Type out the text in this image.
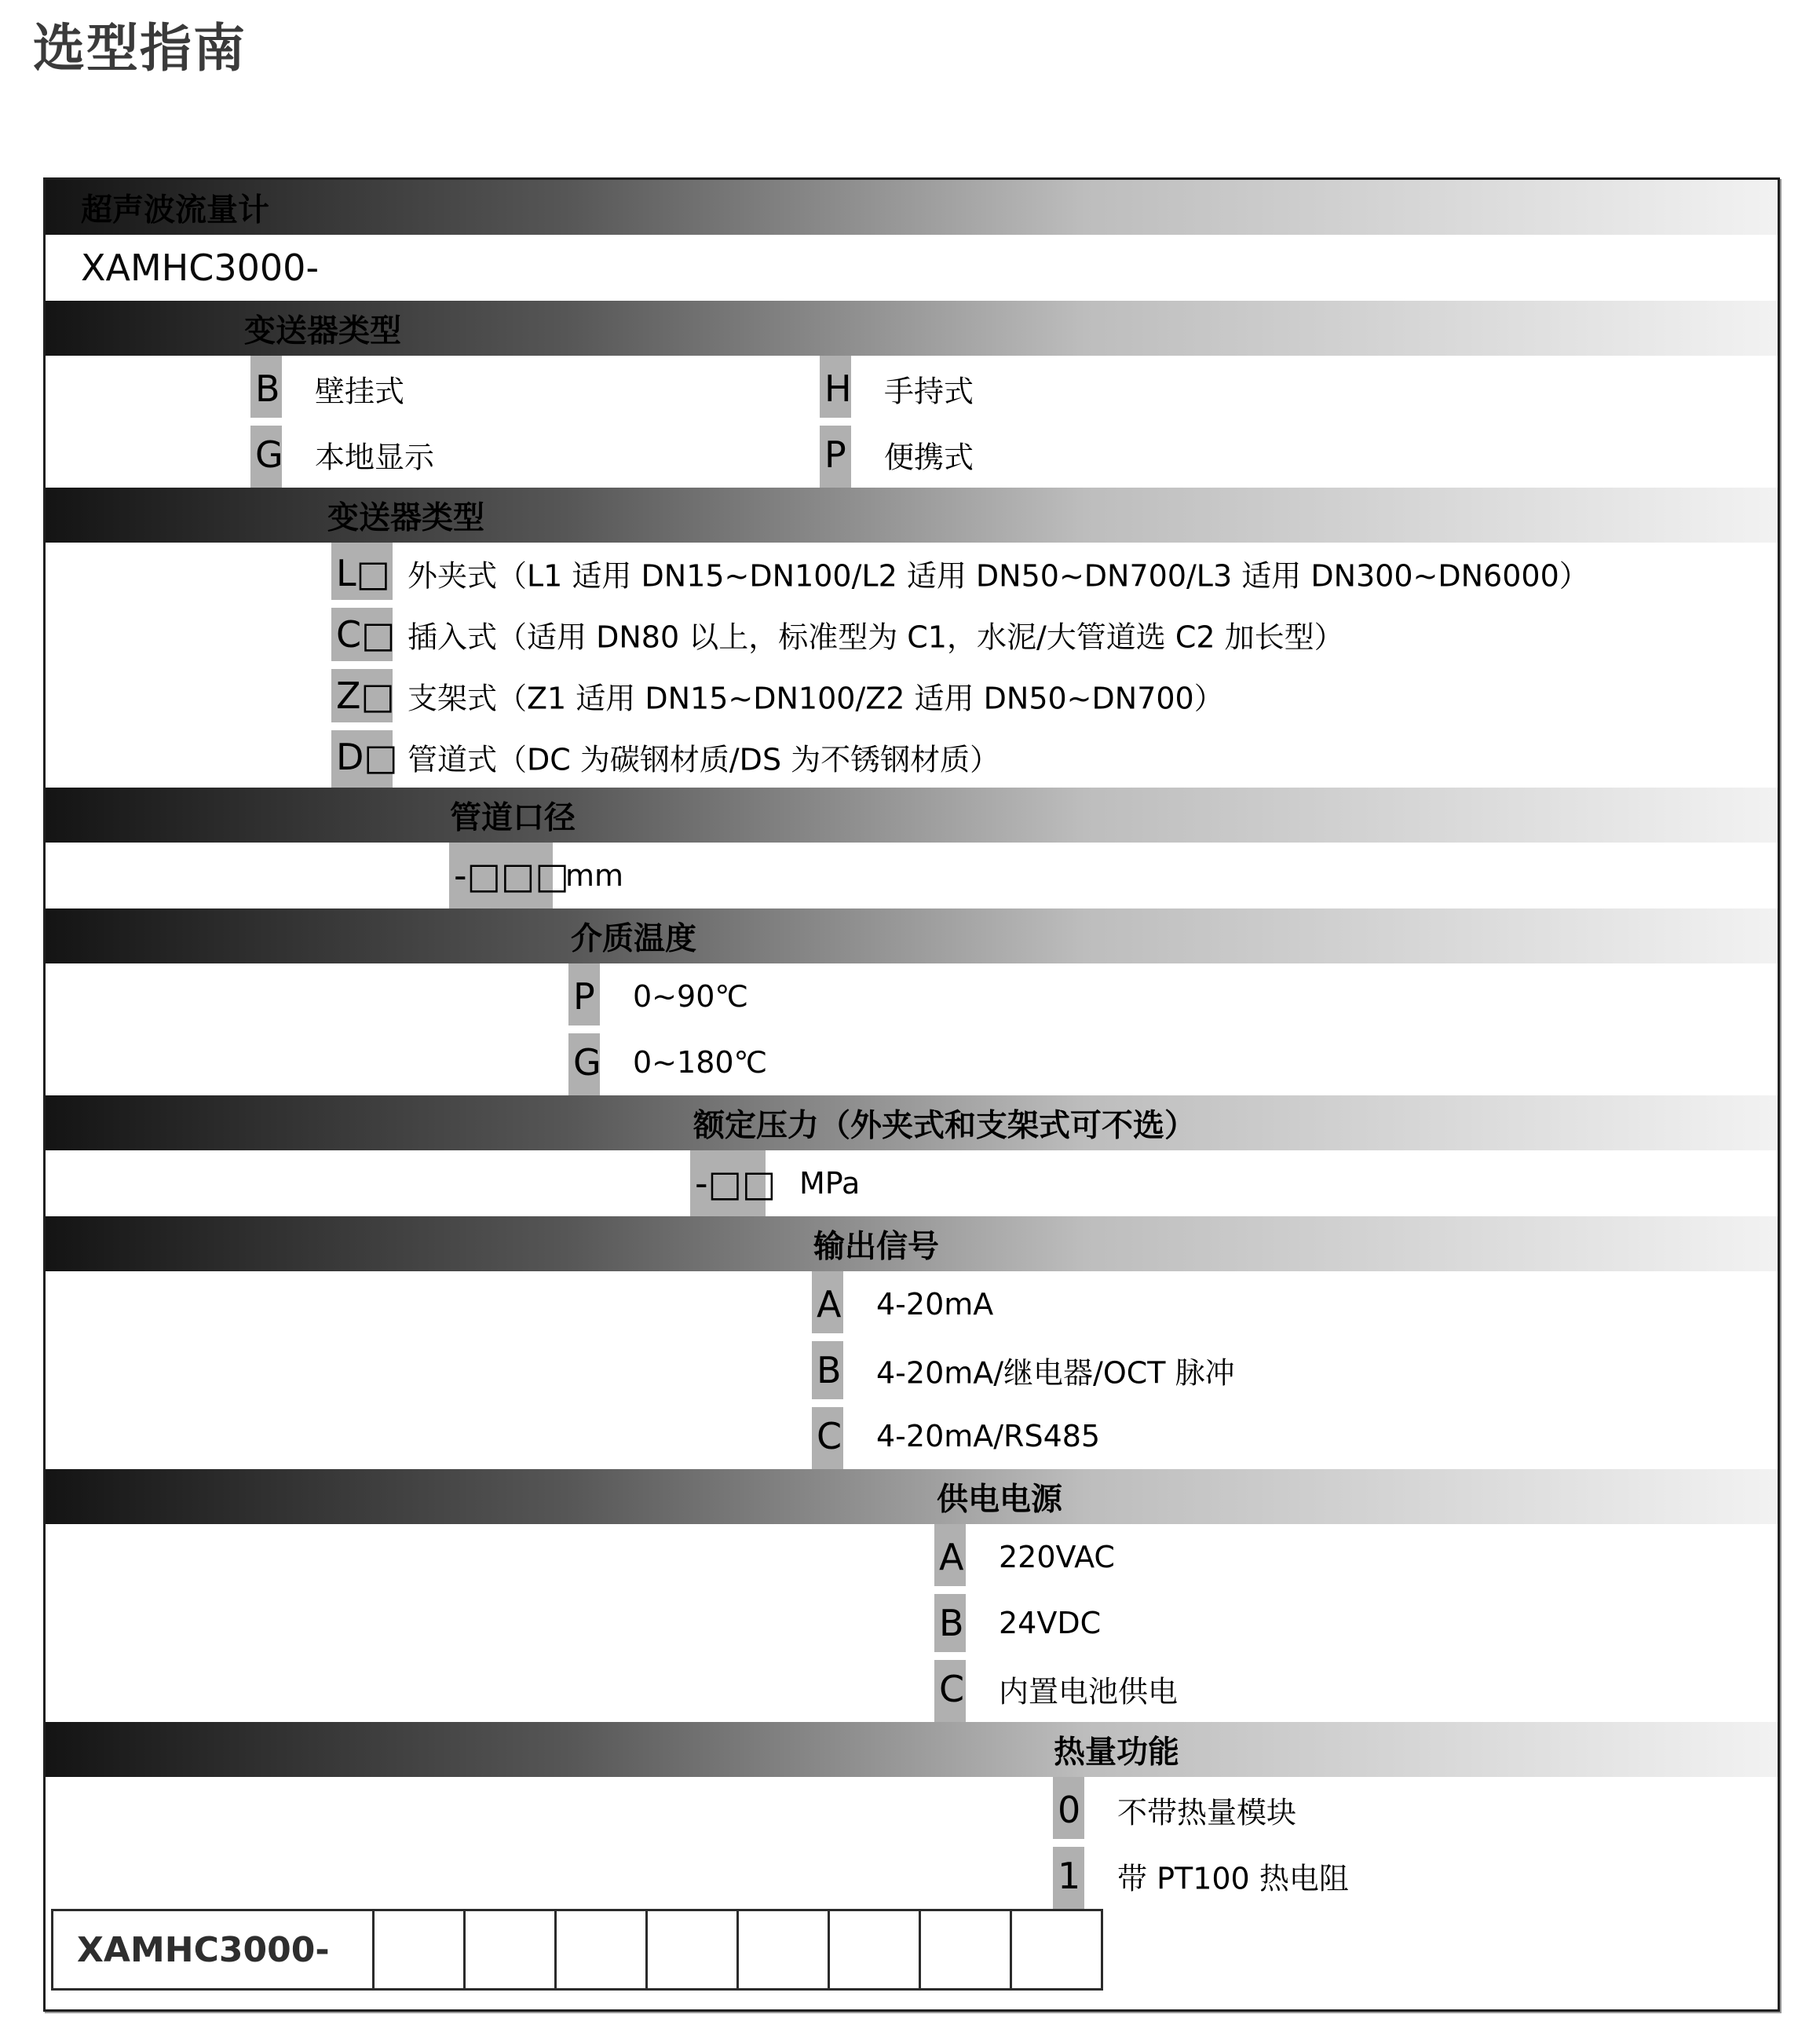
选型指南
超声波流量计
XAMHC3000-
变送器类型
B 壁挂式	H 手持式
G 本地显示	P 便携式
变送器类型
L□ 外夹式（L1 适用 DN15~DN100/L2 适用 DN50~DN700/L3 适用 DN300~DN6000）
C□ 插入式（适用 DN80 以上，标准型为 C1，水泥/大管道选 C2 加长型）
Z□ 支架式（Z1 适用 DN15~DN100/Z2 适用 DN50~DN700）
D□ 管道式（DC 为碳钢材质/DS 为不锈钢材质）
管道口径
-□□□
mm
介质温度
P 0~90℃
G 0~180℃
额定压力（外夹式和支架式可不选）
-□□ MPa
输出信号
A 4-20mA
B 4-20mA/继电器/OCT 脉冲
C 4-20mA/RS485
供电电源
A 220VAC
B 24VDC
C 内置电池供电
热量功能
0 不带热量模块
1 带 PT100 热电阻
XAMHC3000-
